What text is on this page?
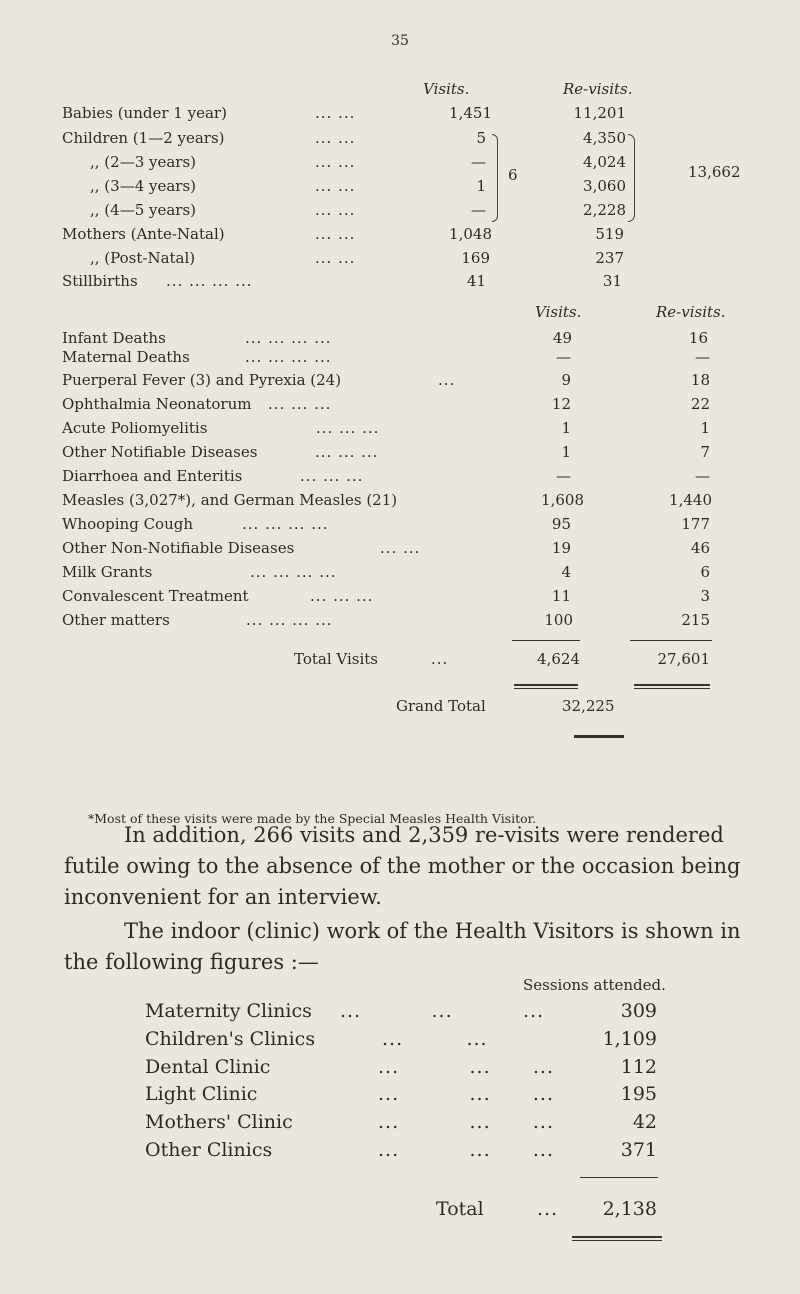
35
Visits.	Re-visits.
Babies (under 1 year)	... ...	1,451	11,201
Children (1—2 years)	... ...	5	4,350
,, (2—3 years)	... ...	—	4,024
,, (3—4 years)	... ...	1	3,060
,, (4—5 years)	... ...	—	2,228
Mothers (Ante-Natal)	... ...	1,048	519
,, (Post-Natal)	... ...	169	237
Stillbirths ... ... ... ...	41	31
6	13,662
Visits.	Re-visits.
Infant Deaths	... ... ... ...	49	16
Maternal Deaths	... ... ... ...	—	—
Puerperal Fever (3) and Pyrexia (24)	...	9	18
Ophthalmia Neonatorum ... ... ...	12	22
Acute Poliomyelitis	... ... ...	1	1
Other Notifiable Diseases	... ... ...	1	7
Diarrhoea and Enteritis	... ... ...	—	—
Measles (3,027*), and German Measles (21)	1,608	1,440
Whooping Cough	... ... ... ...	95	177
Other Non-Notifiable Diseases	... ...	19	46
Milk Grants	... ... ... ...	4	6
Convalescent Treatment	... ... ...	11	3
Other matters	... ... ... ...	100	215
Total Visits	...	4,624	27,601
Grand Total	32,225
*Most of these visits were made by the Special Measles Health Visitor.
In addition, 266 visits and 2,359 re-visits were rendered futile owing to the absence of the mother or the occasion being inconvenient for an interview.
The indoor (clinic) work of the Health Visitors is shown in the following figures :—
Sessions attended.
Maternity Clinics ...          ...          ...	309
Children's Clinics	...         ...	1,109
Dental Clinic	...          ...      ...	112
Light Clinic	...          ...      ...	195
Mothers' Clinic	...          ...      ...	42
Other Clinics	...          ...      ...	371
Total	...	2,138
